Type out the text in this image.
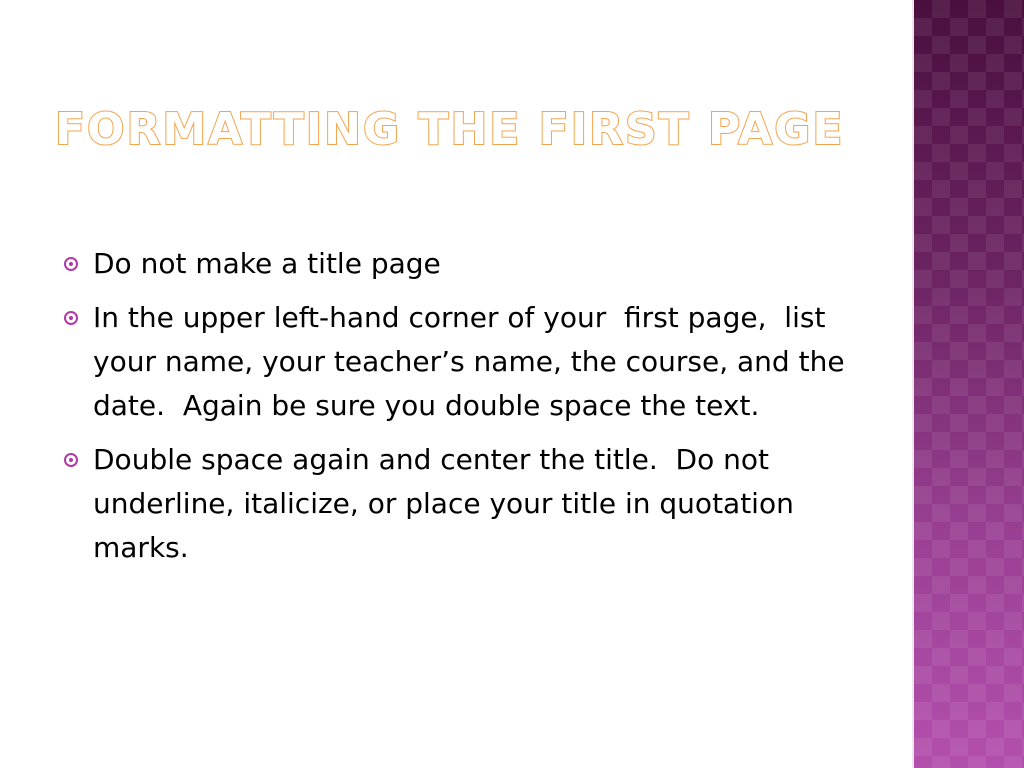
FORMATTING THE FIRST PAGE
Do not make a title page
In the upper left-hand corner of your  first page,  list your name, your teacher’s name, the course, and the date.  Again be sure you double space the text.
Double space again and center the title.  Do not underline, italicize, or place your title in quotation marks.
